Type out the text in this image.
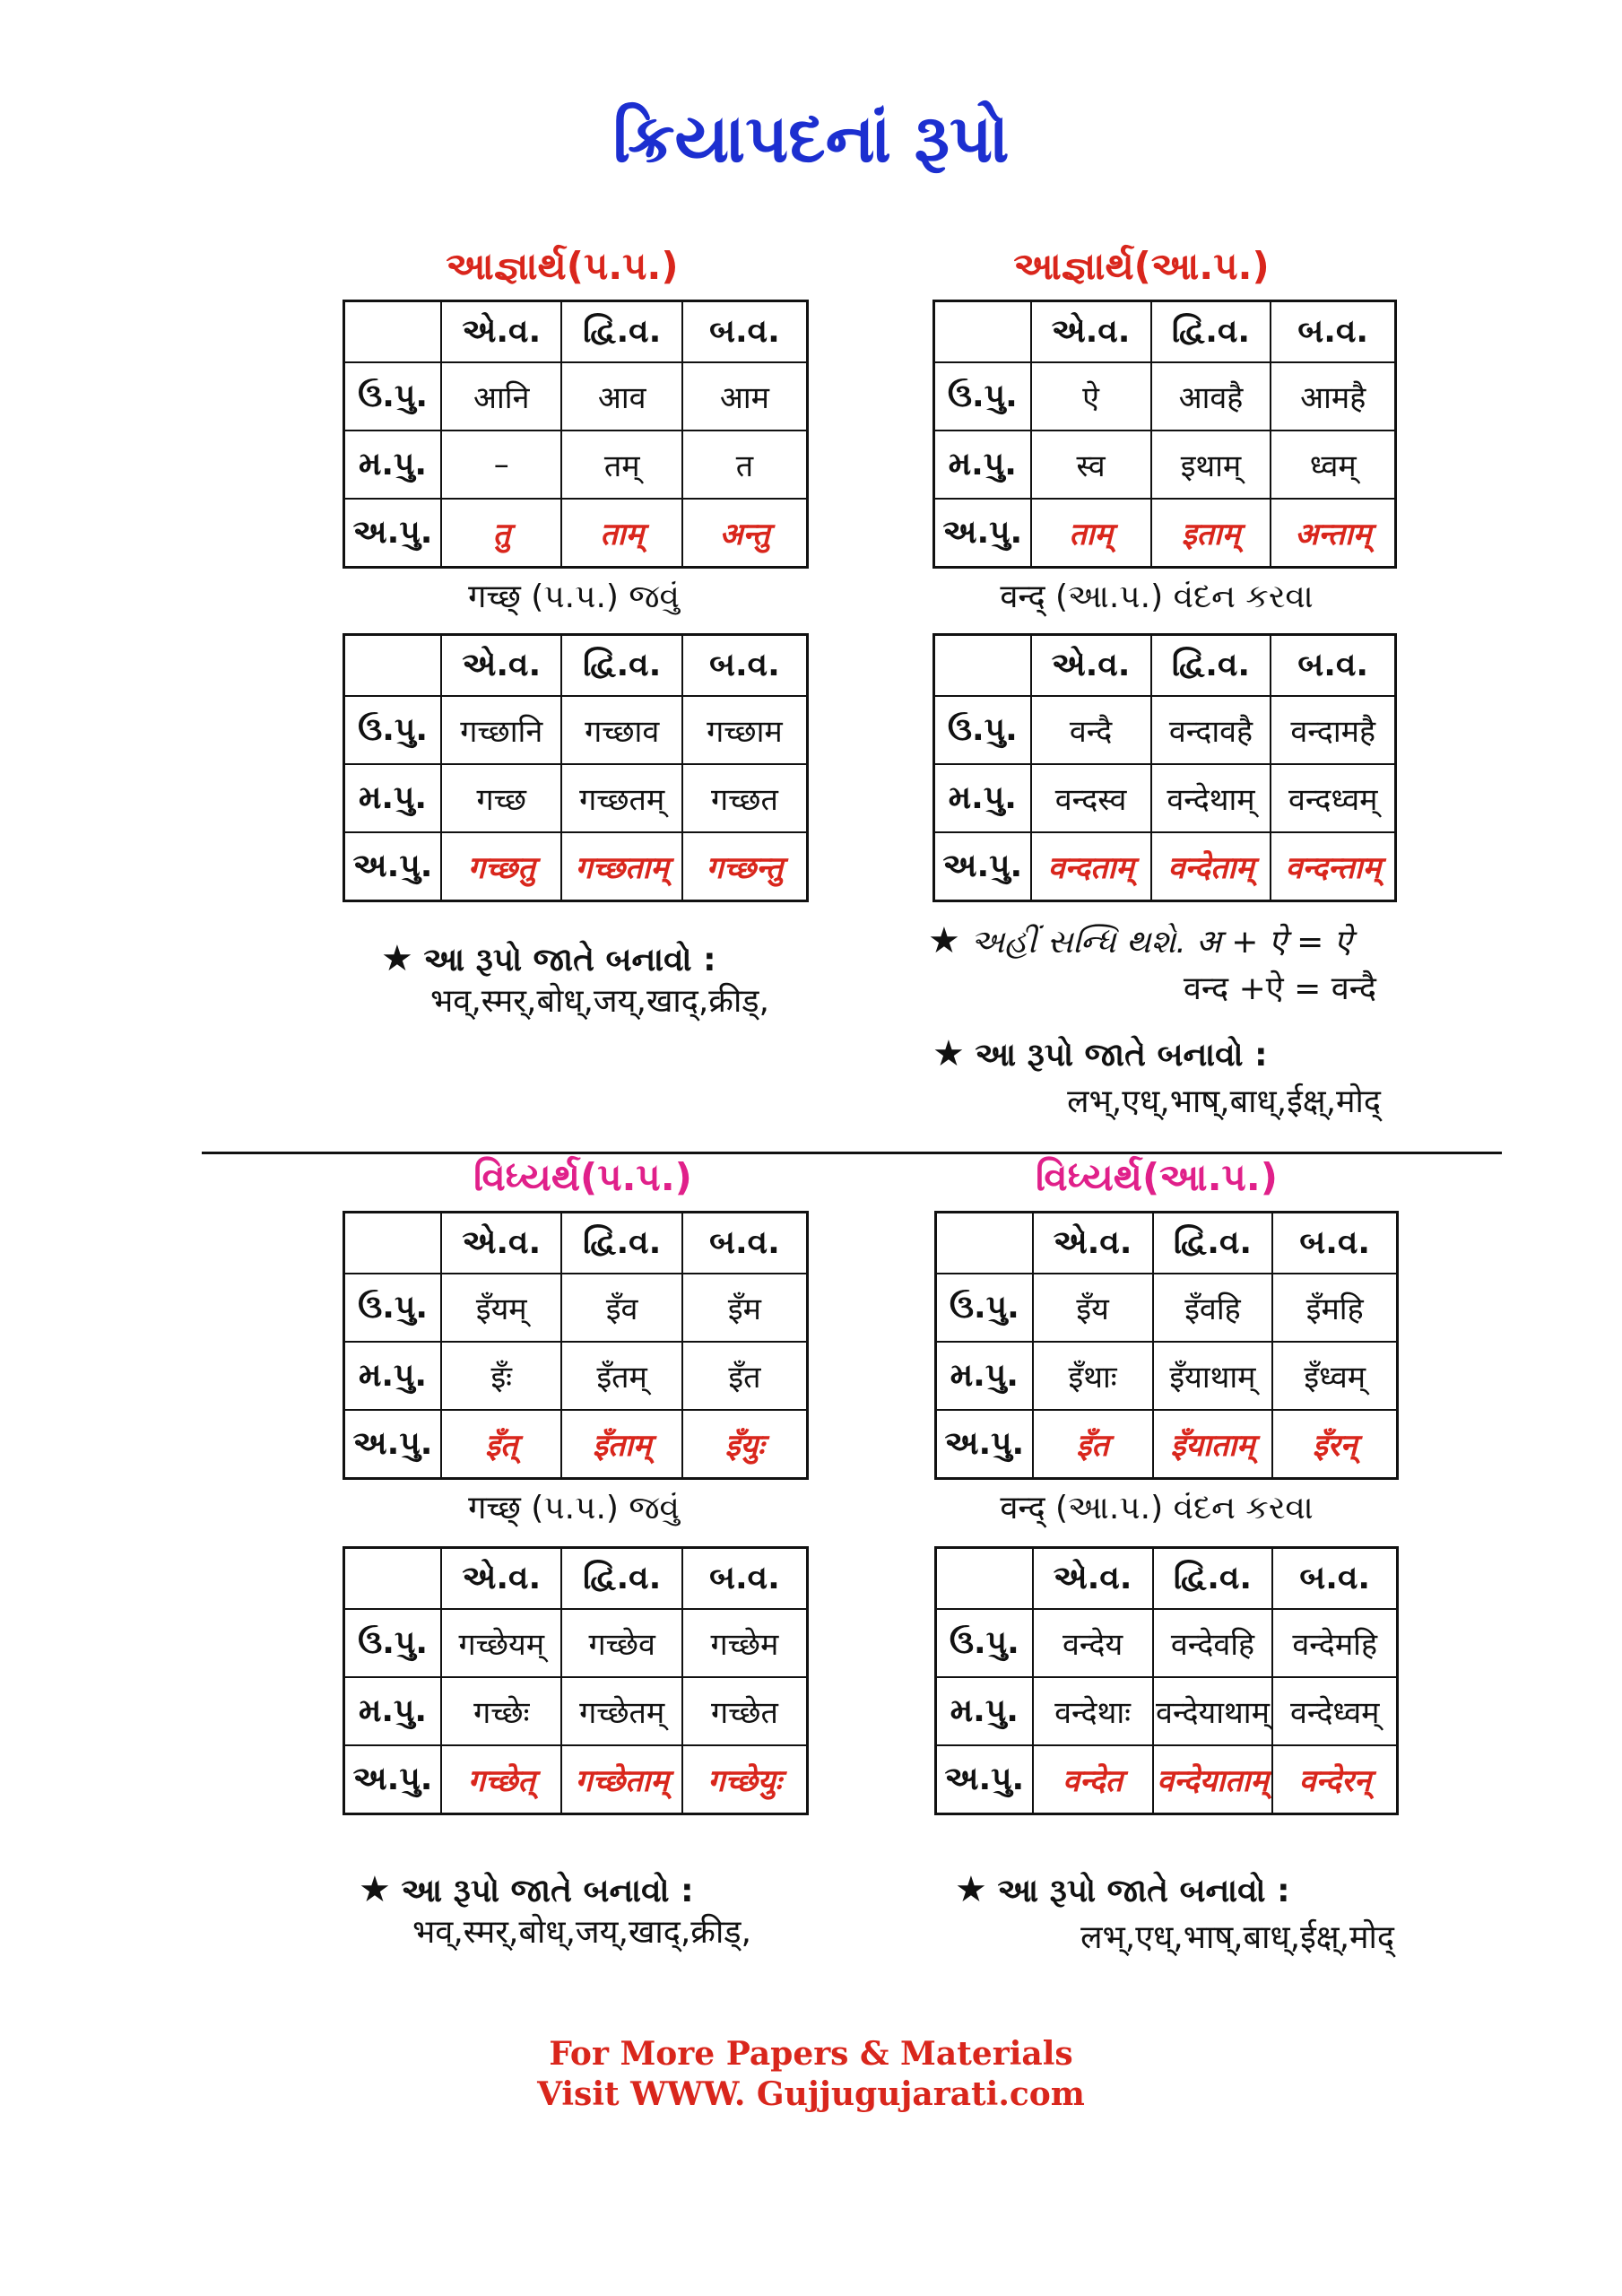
ક્રિયાપદનાં રૂપો
આજ્ઞાર્થ(પ.પ.)
	એ.વ.	દ્વિ.વ.	બ.વ.
ઉ.પુ.	आनि	आव	आम
મ.પુ.	–	तम्	त
અ.પુ.	तु	ताम्	अन्तु
गच्छ् (પ.પ.) જવું
	એ.વ.	દ્વિ.વ.	બ.વ.
ઉ.પુ.	गच्छानि	गच्छाव	गच्छाम
મ.પુ.	गच्छ	गच्छतम्	गच्छत
અ.પુ.	गच्छतु	गच्छताम्	गच्छन्तु
★ આ રૂપો જાતે બનાવો :
भव्,स्मर्,बोध्,जय्,खाद्,क्रीड्,
આજ્ઞાર્થ(આ.પ.)
	એ.વ.	દ્વિ.વ.	બ.વ.
ઉ.પુ.	ऐ	आवहै	आमहै
મ.પુ.	स्व	इथाम्	ध्वम्
અ.પુ.	ताम्	इताम्	अन्ताम्
वन्द् (આ.પ.) વંદન કરવા
	એ.વ.	દ્વિ.વ.	બ.વ.
ઉ.પુ.	वन्दै	वन्दावहै	वन्दामहै
મ.પુ.	वन्दस्व	वन्देथाम्	वन्दध्वम्
અ.પુ.	वन्दताम्	वन्देताम्	वन्दन्ताम्
★ અહીં સન્ધિ થશે. अ + ऐ = ऐ
वन्द +ऐ = वन्दै
★ આ રૂપો જાતે બનાવો :
लभ्,एध्,भाष्,बाध्,ईक्ष्,मोद्
વિધ્યર્થ(પ.પ.)
	એ.વ.	દ્વિ.વ.	બ.વ.
ઉ.પુ.	इँयम्	इँव	इँम
મ.પુ.	इँः	इँतम्	इँत
અ.પુ.	इँत्	इँताम्	इँयुः
गच्छ् (પ.પ.) જવું
	એ.વ.	દ્વિ.વ.	બ.વ.
ઉ.પુ.	गच्छेयम्	गच्छेव	गच्छेम
મ.પુ.	गच्छेः	गच्छेतम्	गच्छेत
અ.પુ.	गच्छेत्	गच्छेताम्	गच्छेयुः
★ આ રૂપો જાતે બનાવો :
भव्,स्मर्,बोध्,जय्,खाद्,क्रीड्,
વિધ્યર્થ(આ.પ.)
	એ.વ.	દ્વિ.વ.	બ.વ.
ઉ.પુ.	इँय	इँवहि	इँमहि
મ.પુ.	इँथाः	इँयाथाम्	इँध्वम्
અ.પુ.	इँत	इँयाताम्	इँरन्
वन्द् (આ.પ.) વંદન કરવા
	એ.વ.	દ્વિ.વ.	બ.વ.
ઉ.પુ.	वन्देय	वन्देवहि	वन्देमहि
મ.પુ.	वन्देथाः	वन्देयाथाम्	वन्देध्वम्
અ.પુ.	वन्देत	वन्देयाताम्	वन्देरन्
★ આ રૂપો જાતે બનાવો :
लभ्,एध्,भाष्,बाध्,ईक्ष्,मोद्
For More Papers & Materials
Visit WWW. Gujjugujarati.com
